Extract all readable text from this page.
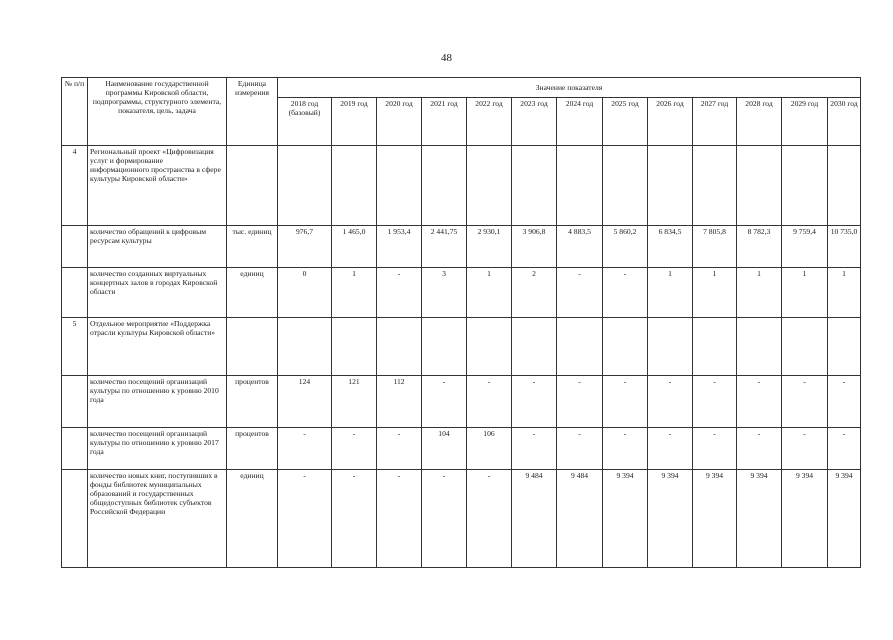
48
№ п/п	Наименование государственной программы Кировской области, подпрограммы, структурного элемента, показателя, цель, задача	Единица измерения	Значение показателя												
			2018 год (базовый)	2019 год	2020 год	2021 год	2022 год	2023 год	2024 год	2025 год	2026 год	2027 год	2028 год	2029 год	2030 год
4	Региональный проект «Цифровизация услуг и формирование информационного пространства в сфере культуры Кировской области»														
	количество обращений к цифровым ресурсам культуры	тыс. единиц	976,7	1 465,0	1 953,4	2 441,75	2 930,1	3 906,8	4 883,5	5 860,2	6 834,5	7 805,8	8 782,3	9 759,4	10 735,0
	количество созданных виртуальных концертных залов в городах Кировской области	единиц	0	1	-	3	1	2	-	-	1	1	1	1	1
5	Отдельное мероприятие «Поддержка отрасли культуры Кировской области»														
	количество посещений организаций культуры по отношению к уровню 2010 года	процентов	124	121	112	-	-	-	-	-	-	-	-	-	-
	количество посещений организаций культуры по отношению к уровню 2017 года	процентов	-	-	-	104	106	-	-	-	-	-	-	-	-
	количество новых книг, поступивших в фонды библиотек муниципальных образований и государственных общедоступных библиотек субъектов Российской Федерации	единиц	-	-	-	-	-	9 484	9 484	9 394	9 394	9 394	9 394	9 394	9 394
